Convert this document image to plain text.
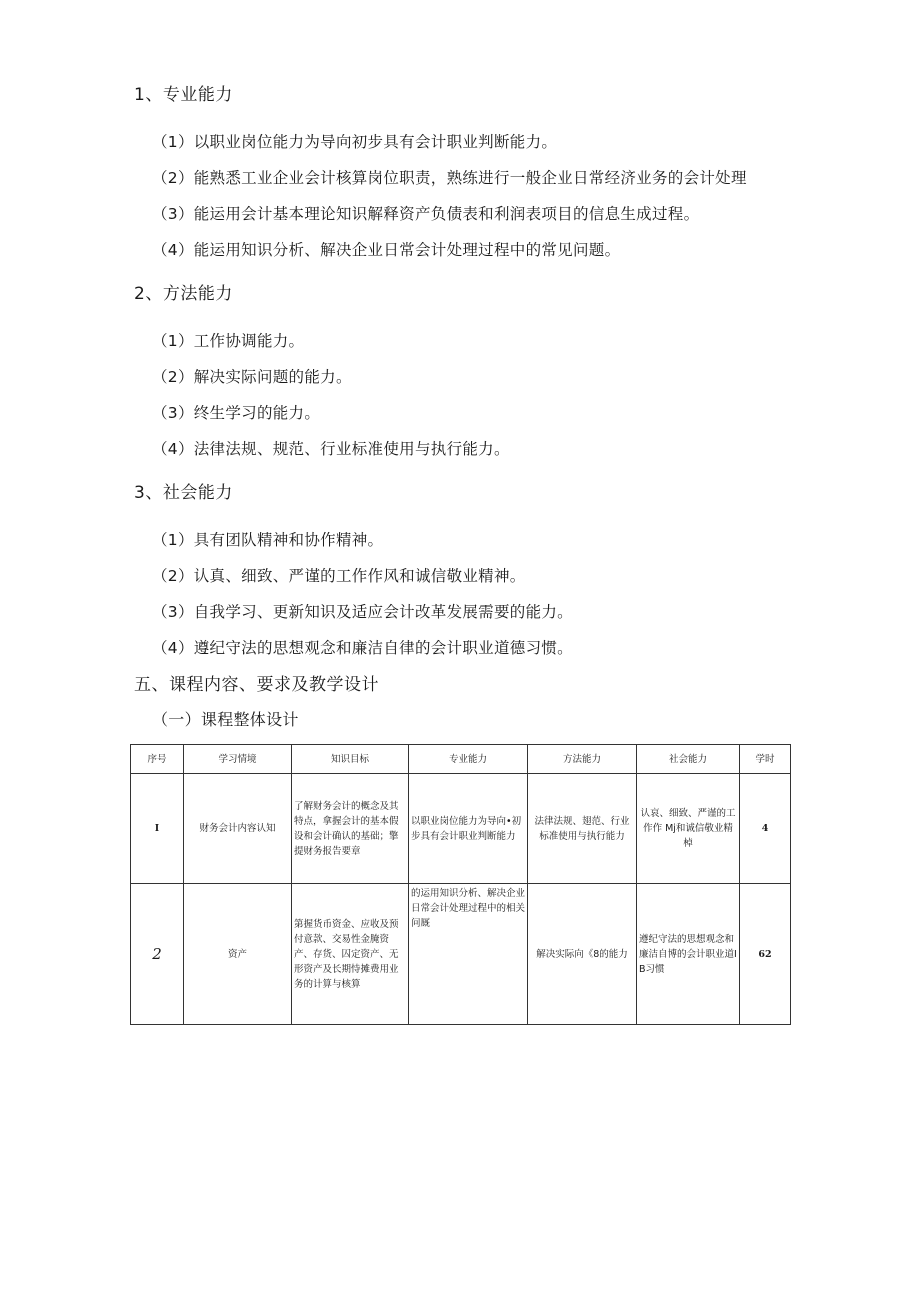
1、专业能力
（1）以职业岗位能力为导向初步具有会计职业判断能力。
（2）能熟悉工业企业会计核算岗位职责，熟练进行一般企业日常经济业务的会计处理
（3）能运用会计基本理论知识解释资产负债表和利润表项目的信息生成过程。
（4）能运用知识分析、解决企业日常会计处理过程中的常见问题。
2、方法能力
（1）工作协调能力。
（2）解决实际问题的能力。
（3）终生学习的能力。
（4）法律法规、规范、行业标准使用与执行能力。
3、社会能力
（1）具有团队精神和协作精神。
（2）认真、细致、严谨的工作作风和诚信敬业精神。
（3）自我学习、更新知识及适应会计改革发展需要的能力。
（4）遵纪守法的思想观念和廉洁自律的会计职业道德习惯。
五、课程内容、要求及教学设计
（一）课程整体设计
序号	学习情境	知识目标	专业能力	方法能力	社会能力	学时
I	财务会计内容认知	了解财务会计的概念及其特点，拿握会计的基本假设和会计确认的基础；擎提财务报告要章	以职业岗位能力为导向•初步具有会计职业判断能力	法律法规、翅范、行业标准使用与执行能力	认哀、细致、严谨的工作作 Mj和诚信敬业精棹	4
2	资产	第握货币资金、应收及预付意款、交易性金腌资产、存货、囚定资产、无形资产及长期恃摊费用业务的计算与核算	的运用知识分析、解决企业日常会计处理过程中的相关问厩	解决实际向《8的能力	遵纪守法的思想观念和廉洁自博的会计职业道IB习惯	62
